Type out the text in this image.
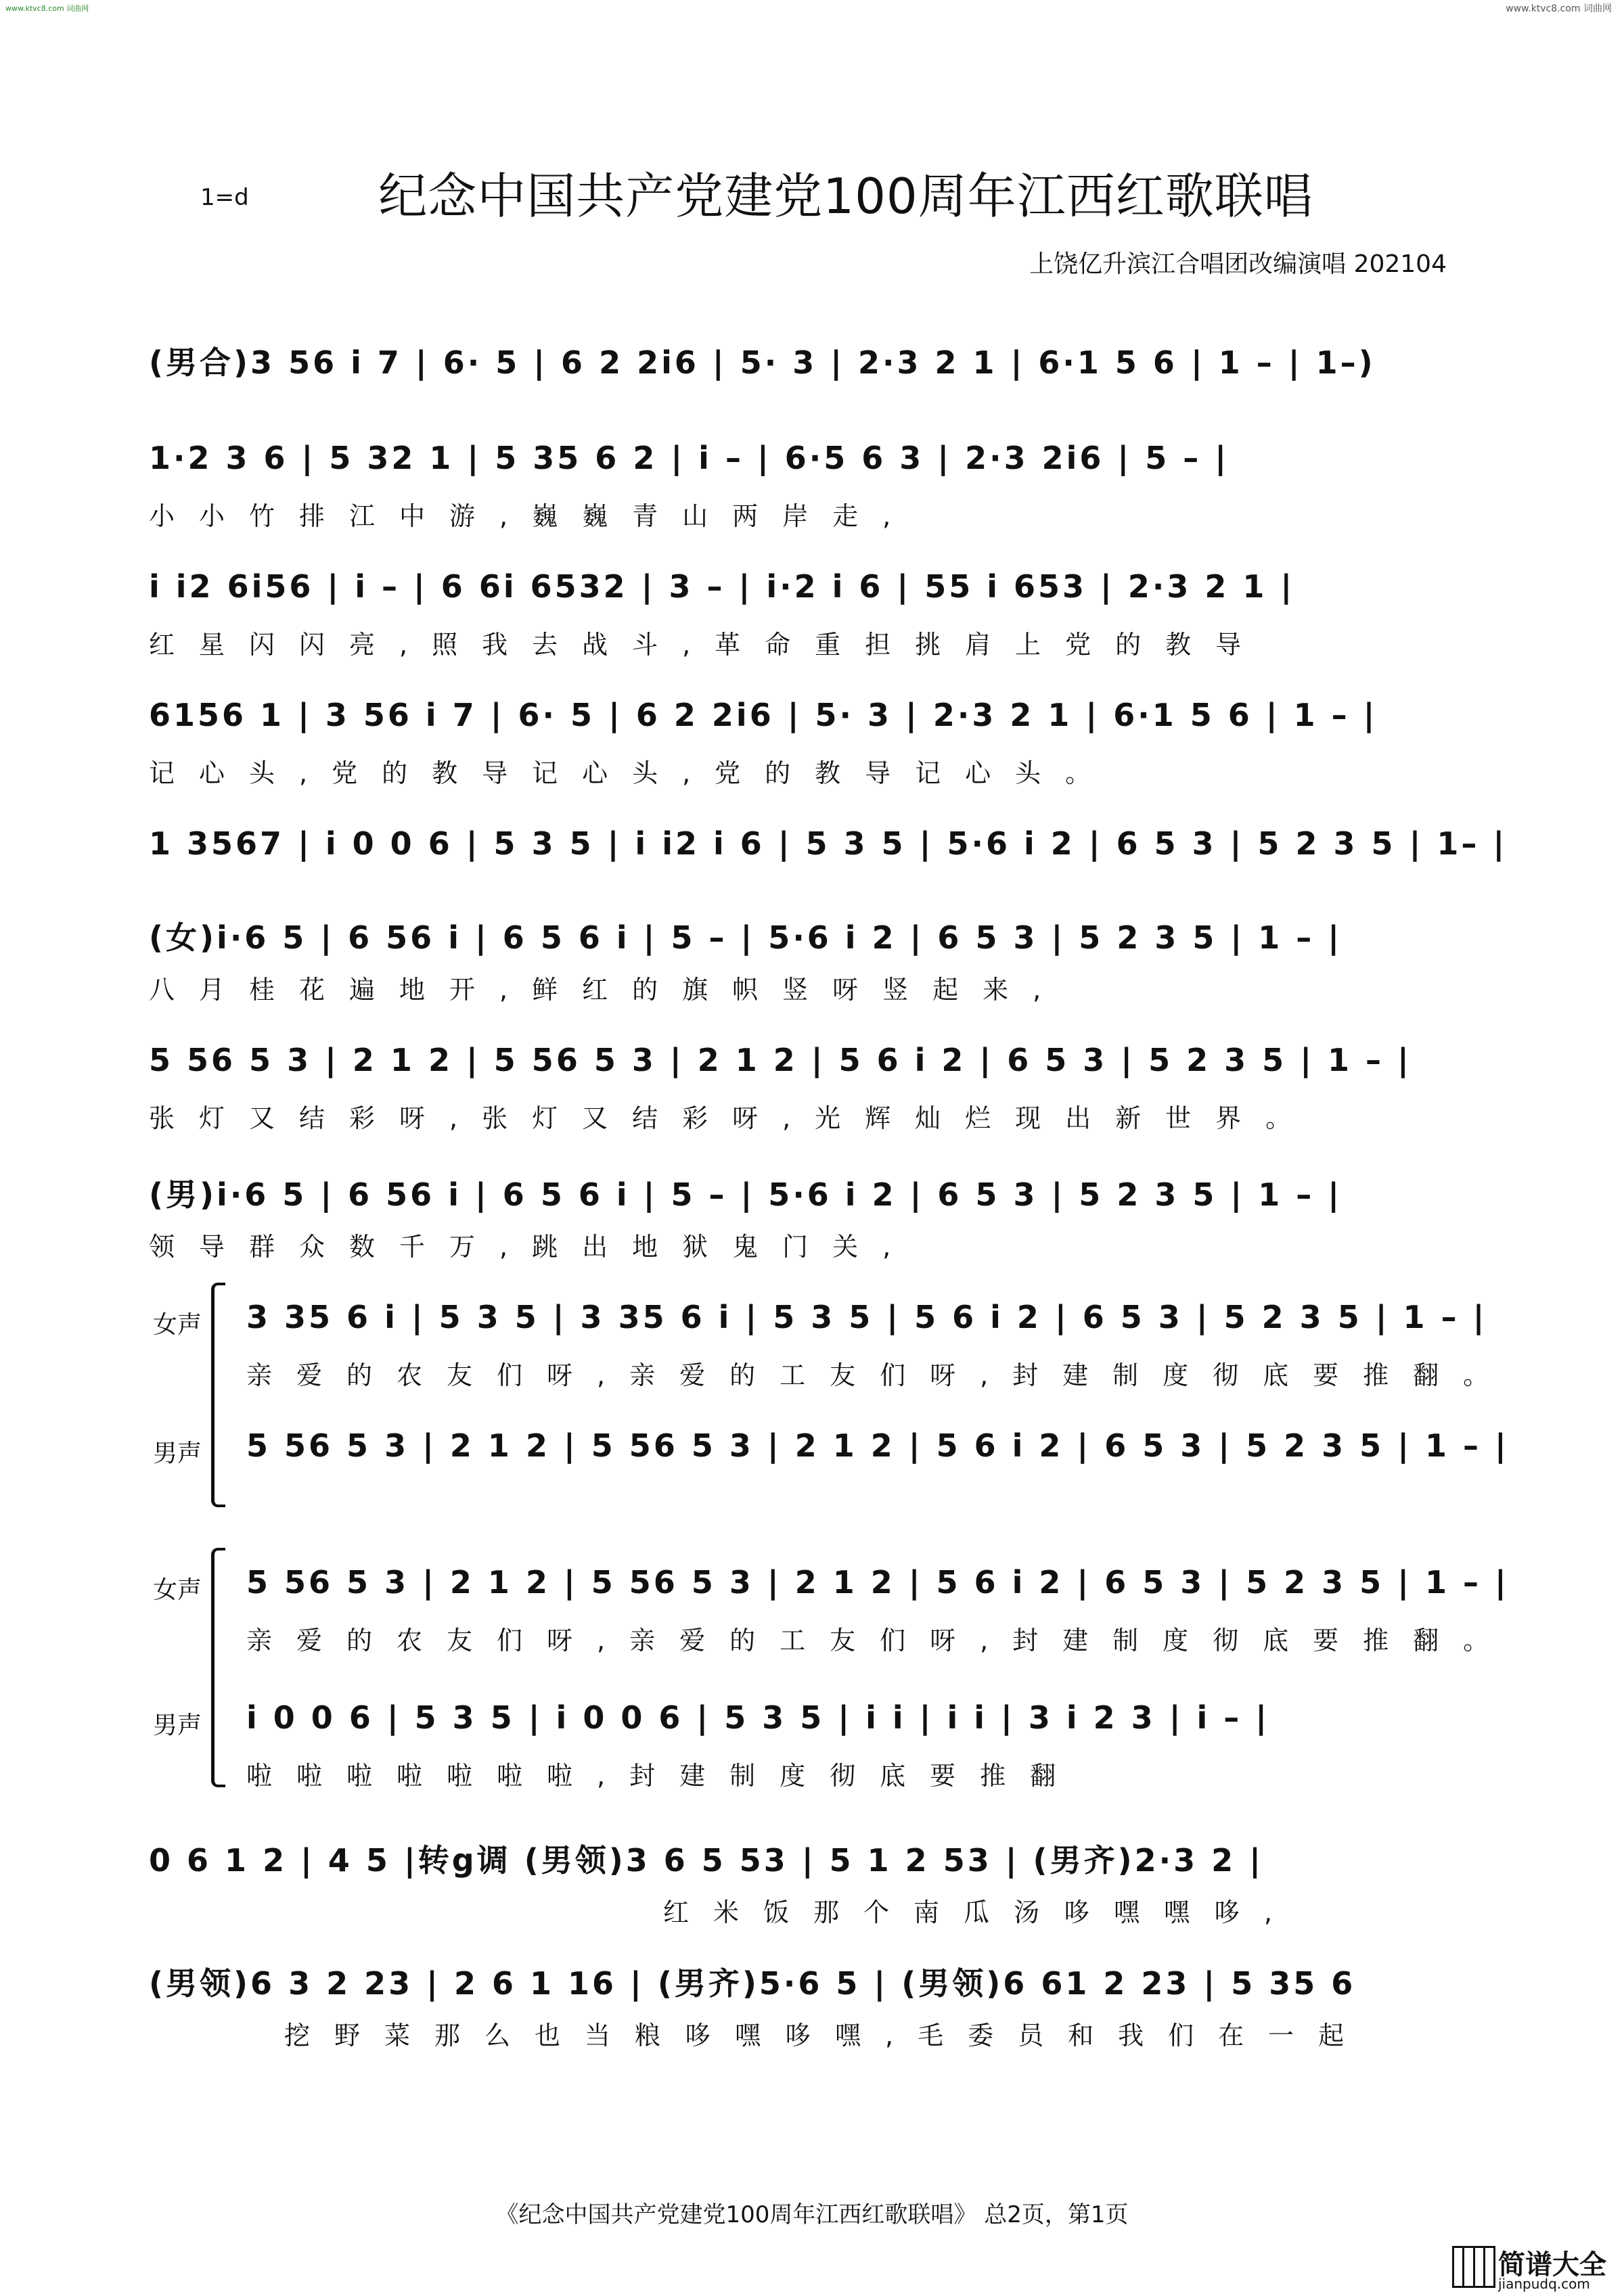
www.ktvc8.com 词曲网	www.ktvc8.com 词曲网
1=d	纪念中国共产党建党100周年江西红歌联唱
上饶亿升滨江合唱团改编演唱 202104
(男合)3 56 i 7 | 6· 5 | 6 2 2i6 | 5· 3 | 2·3 2 1 | 6·1 5 6 | 1 – | 1–)
1·2 3 6 | 5 32 1 | 5 35 6 2 | i – | 6·5 6 3 | 2·3 2i6 | 5 – |
小小竹排江中游,巍巍青山两岸走,
i i2 6i56 | i – | 6 6i 6532 | 3 – | i·2 i 6 | 55 i 653 | 2·3 2 1 |
红星闪闪亮,照我去战斗,革命重担挑肩上党的教导
6156 1 | 3 56 i 7 | 6· 5 | 6 2 2i6 | 5· 3 | 2·3 2 1 | 6·1 5 6 | 1 – |
记心头,党的教导记心头,党的教导记心头。
1 3567 | i 0 0 6 | 5 3 5 | i i2 i 6 | 5 3 5 | 5·6 i 2 | 6 5 3 | 5 2 3 5 | 1– |
(女)i·6 5 | 6 56 i | 6 5 6 i | 5 – | 5·6 i 2 | 6 5 3 | 5 2 3 5 | 1 – |
八月桂花遍地开,鲜红的旗帜竖呀竖起来,
5 56 5 3 | 2 1 2 | 5 56 5 3 | 2 1 2 | 5 6 i 2 | 6 5 3 | 5 2 3 5 | 1 – |
张灯又结彩呀,张灯又结彩呀,光辉灿烂现出新世界。
(男)i·6 5 | 6 56 i | 6 5 6 i | 5 – | 5·6 i 2 | 6 5 3 | 5 2 3 5 | 1 – |
领导群众数千万,跳出地狱鬼门关,
女声	3 35 6 i | 5 3 5 | 3 35 6 i | 5 3 5 | 5 6 i 2 | 6 5 3 | 5 2 3 5 | 1 – |
亲爱的农友们呀,亲爱的工友们呀,封建制度彻底要推翻。
男声	5 56 5 3 | 2 1 2 | 5 56 5 3 | 2 1 2 | 5 6 i 2 | 6 5 3 | 5 2 3 5 | 1 – |
女声	5 56 5 3 | 2 1 2 | 5 56 5 3 | 2 1 2 | 5 6 i 2 | 6 5 3 | 5 2 3 5 | 1 – |
亲爱的农友们呀,亲爱的工友们呀,封建制度彻底要推翻。
男声	i 0 0 6 | 5 3 5 | i 0 0 6 | 5 3 5 | i i | i i | 3 i 2 3 | i – |
啦啦啦啦啦啦啦,封建制度彻底要推翻
0 6 1 2 | 4 5 |转g调 (男领)3 6 5 53 | 5 1 2 53 | (男齐)2·3 2 |
红米饭那个南瓜汤哆嘿嘿哆,
(男领)6 3 2 23 | 2 6 1 16 | (男齐)5·6 5 | (男领)6 61 2 23 | 5 35 6
挖野菜那么也当粮哆嘿哆嘿,毛委员和我们在一起
《纪念中国共产党建党100周年江西红歌联唱》 总2页，第1页
简谱大全
jianpudq.com
